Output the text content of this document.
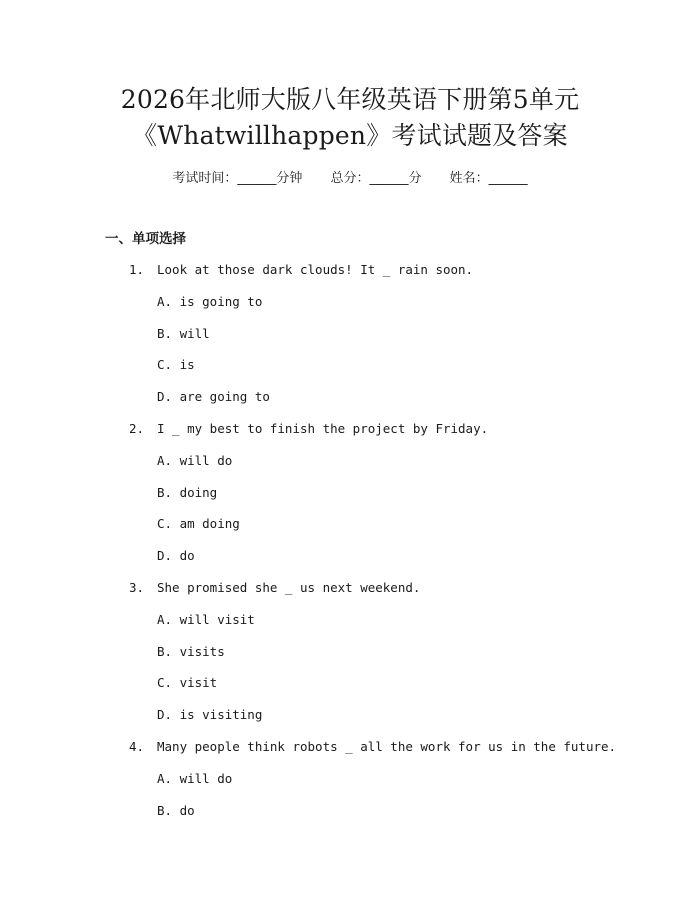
2026年北师大版八年级英语下册第5单元
《Whatwillhappen》考试试题及答案
考试时间：______分钟 总分：______分 姓名：______
一、单项选择
1. Look at those dark clouds! It _ rain soon.
A. is going to
B. will
C. is
D. are going to
2. I _ my best to finish the project by Friday.
A. will do
B. doing
C. am doing
D. do
3. She promised she _ us next weekend.
A. will visit
B. visits
C. visit
D. is visiting
4. Many people think robots _ all the work for us in the future.
A. will do
B. do
